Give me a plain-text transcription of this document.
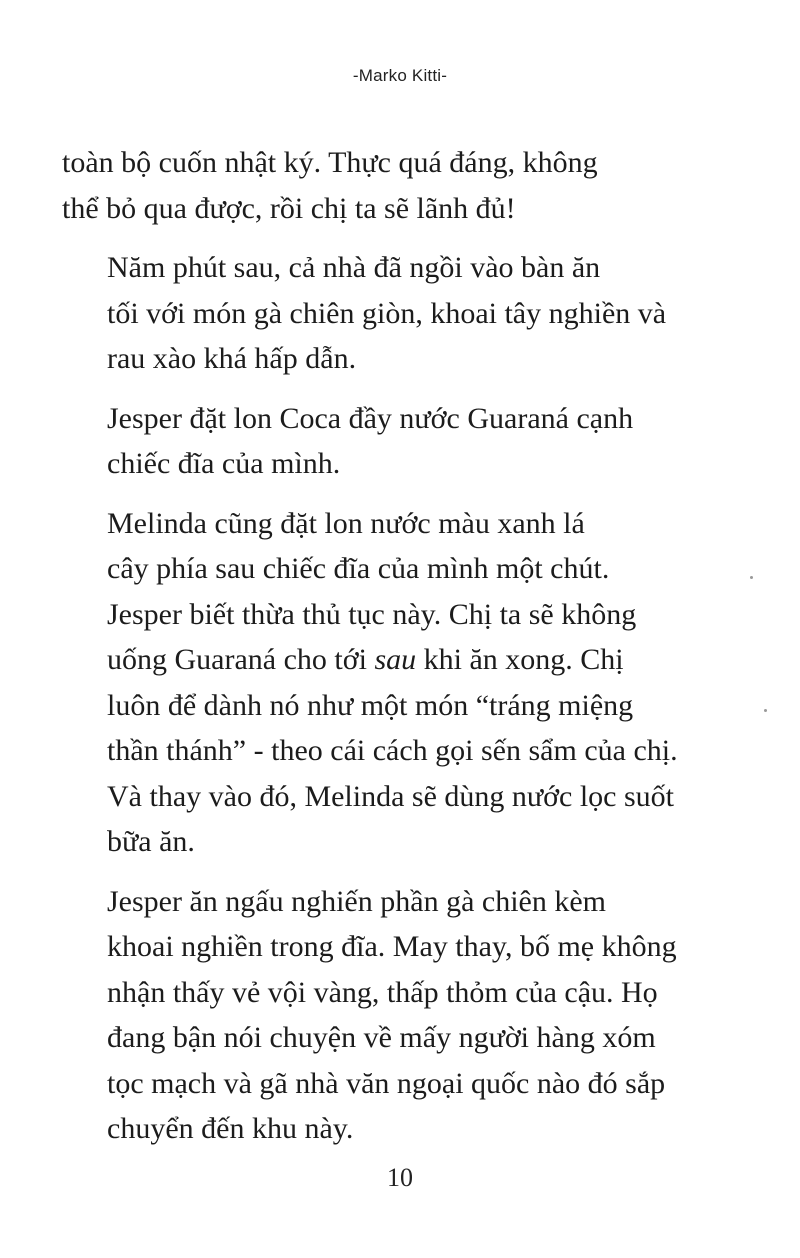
-Marko Kitti-

toàn bộ cuốn nhật ký. Thực quá đáng, không
thể bỏ qua được, rồi chị ta sẽ lãnh đủ!

Năm phút sau, cả nhà đã ngồi vào bàn ăn
tối với món gà chiên giòn, khoai tây nghiền và
rau xào khá hấp dẫn.

Jesper đặt lon Coca đầy nước Guaraná cạnh
chiếc đĩa của mình.

Melinda cũng đặt lon nước màu xanh lá
cây phía sau chiếc đĩa của mình một chút.
Jesper biết thừa thủ tục này. Chị ta sẽ không
uống Guaraná cho tới sau khi ăn xong. Chị
luôn để dành nó như một món “tráng miệng
thần thánh” - theo cái cách gọi sến sẩm của chị.
Và thay vào đó, Melinda sẽ dùng nước lọc suốt
bữa ăn.

Jesper ăn ngấu nghiến phần gà chiên kèm
khoai nghiền trong đĩa. May thay, bố mẹ không
nhận thấy vẻ vội vàng, thấp thỏm của cậu. Họ
đang bận nói chuyện về mấy người hàng xóm
tọc mạch và gã nhà văn ngoại quốc nào đó sắp
chuyển đến khu này.

10
